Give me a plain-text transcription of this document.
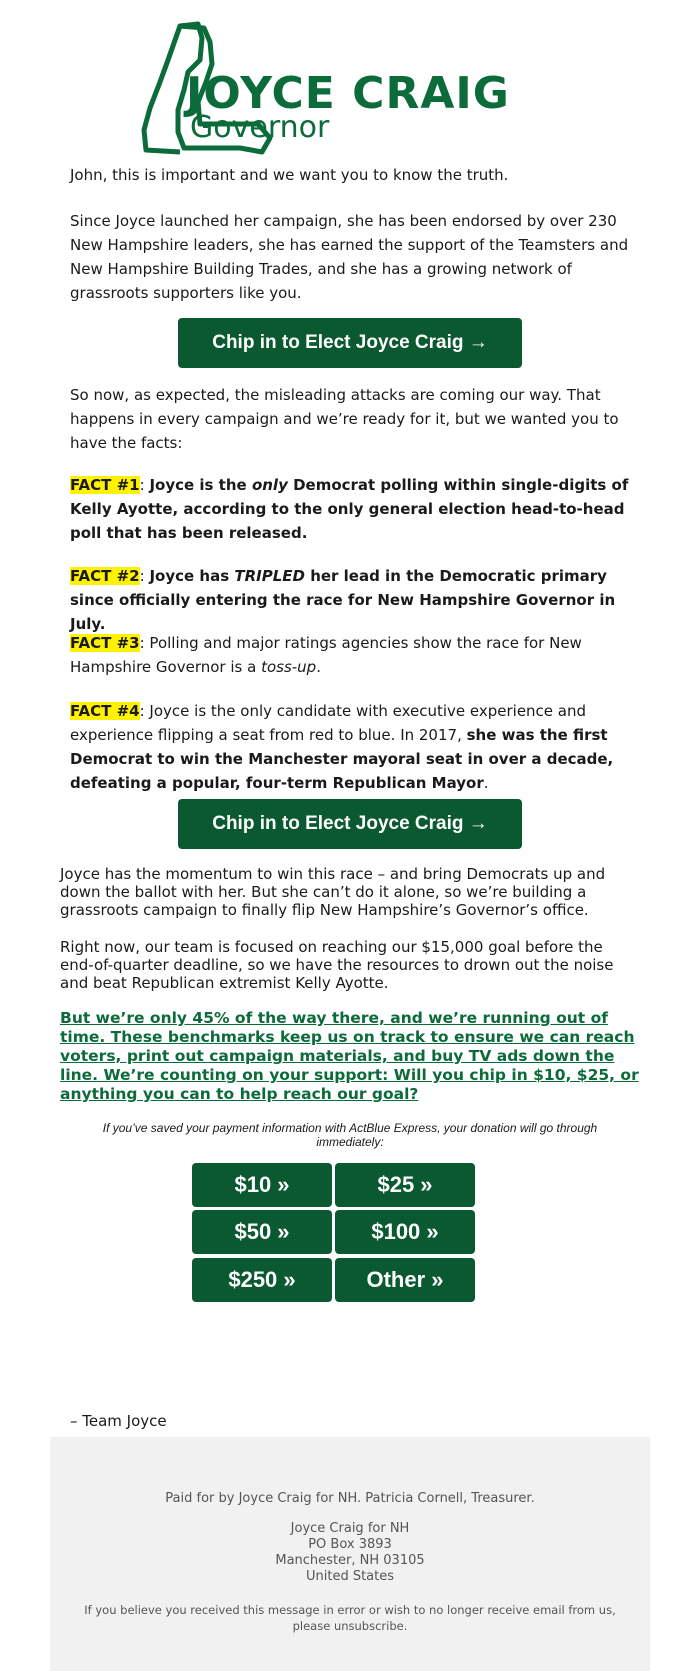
JOYCE CRAIG
Governor

John, this is important and we want you to know the truth.

Since Joyce launched her campaign, she has been endorsed by over 230 New Hampshire leaders, she has earned the support of the Teamsters and New Hampshire Building Trades, and she has a growing network of grassroots supporters like you.

Chip in to Elect Joyce Craig →

So now, as expected, the misleading attacks are coming our way. That happens in every campaign and we’re ready for it, but we wanted you to have the facts:

FACT #1: Joyce is the only Democrat polling within single-digits of Kelly Ayotte, according to the only general election head-to-head poll that has been released.

FACT #2: Joyce has TRIPLED her lead in the Democratic primary since officially entering the race for New Hampshire Governor in July.

FACT #3: Polling and major ratings agencies show the race for New Hampshire Governor is a toss-up.

FACT #4: Joyce is the only candidate with executive experience and experience flipping a seat from red to blue. In 2017, she was the first Democrat to win the Manchester mayoral seat in over a decade, defeating a popular, four-term Republican Mayor.

Chip in to Elect Joyce Craig →

Joyce has the momentum to win this race – and bring Democrats up and down the ballot with her. But she can’t do it alone, so we’re building a grassroots campaign to finally flip New Hampshire’s Governor’s office.

Right now, our team is focused on reaching our $15,000 goal before the end-of-quarter deadline, so we have the resources to drown out the noise and beat Republican extremist Kelly Ayotte.

But we’re only 45% of the way there, and we’re running out of time. These benchmarks keep us on track to ensure we can reach voters, print out campaign materials, and buy TV ads down the line. We’re counting on your support: Will you chip in $10, $25, or anything you can to help reach our goal?

If you’ve saved your payment information with ActBlue Express, your donation will go through immediately:
$10 »	$25 »
$50 »	$100 »
$250 »	Other »
– Team Joyce
Paid for by Joyce Craig for NH. Patricia Cornell, Treasurer.
Joyce Craig for NH
PO Box 3893
Manchester, NH 03105
United States
If you believe you received this message in error or wish to no longer receive email from us, please unsubscribe.
